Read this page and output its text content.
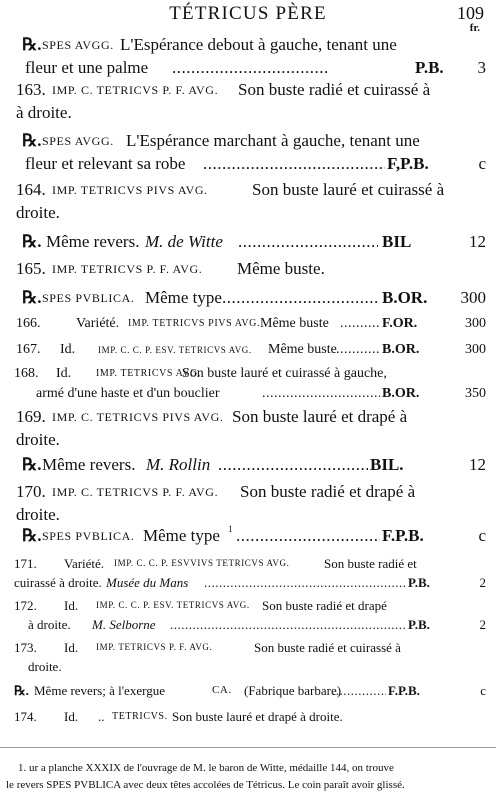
TÉTRICUS PÈRE	109
fr.
℞. SPES AVGG. L'Espérance debout à gauche, tenant une
fleur et une palme .....	P.B.	3
163. IMP. C. TETRICVS P. F. AVG. Son buste radié et cuirassé à
à droite.
℞. SPES AVGG. L'Espérance marchant à gauche, tenant une
fleur et relevant sa robe .....	F,P.B.	c
164. IMP. TETRICVS PIVS AVG.	Son buste lauré et cuirassé à
droite.
℞. Même revers. M. de Witte .....	BIL	12
165. IMP. TETRICVS P. F. AVG. Même buste.
℞. SPES PVBLICA. Même type .....	B.OR.	300
166.	Variété. IMP. TETRICVS PIVS AVG. Même buste .....	F.OR.	300
167. Id.	IMP. C. C. P. ESV. TETRICVS AVG. Même buste .....	B.OR.	300
168. Id. IMP. TETRICVS AVG.
Son buste lauré et cuirassé à gauche,
armé d'une haste et d'un bouclier .....	B.OR.	350
169. IMP. C. TETRICVS PIVS AVG. Son buste lauré et drapé à
droite.
℞. Même revers. M. Rollin .....	BIL.	12
170. IMP. C. TETRICVS P. F. AVG. Son buste radié et drapé à
droite.
℞. SPES PVBLICA. Même type 1 .....	F.P.B.	c
171. Variété. IMP. C. C. P. ESVVIVS TETRICVS AVG.	Son buste radié et
cuirassé à droite. Musée du Mans .....	P.B.	2
172. Id. IMP. C. C. P. ESV. TETRICVS AVG. Son buste radié et drapé
à droite. M. Selborne .....	P.B.	2
173. Id. IMP. TETRICVS P. F. AVG.	Son buste radié et cuirassé à
droite.
℞. Même revers; à l'exergue	CA. (Fabrique barbare) .....	F.P.B.	c
174. Id. .. TETRICVS. Son buste lauré et drapé à droite.
1. ur a planche XXXIX de l'ouvrage de M. le baron de Witte, médaille 144, on trouve
le revers SPES PVBLICA avec deux têtes accolées de Tétricus. Le coin paraît avoir glissé.
